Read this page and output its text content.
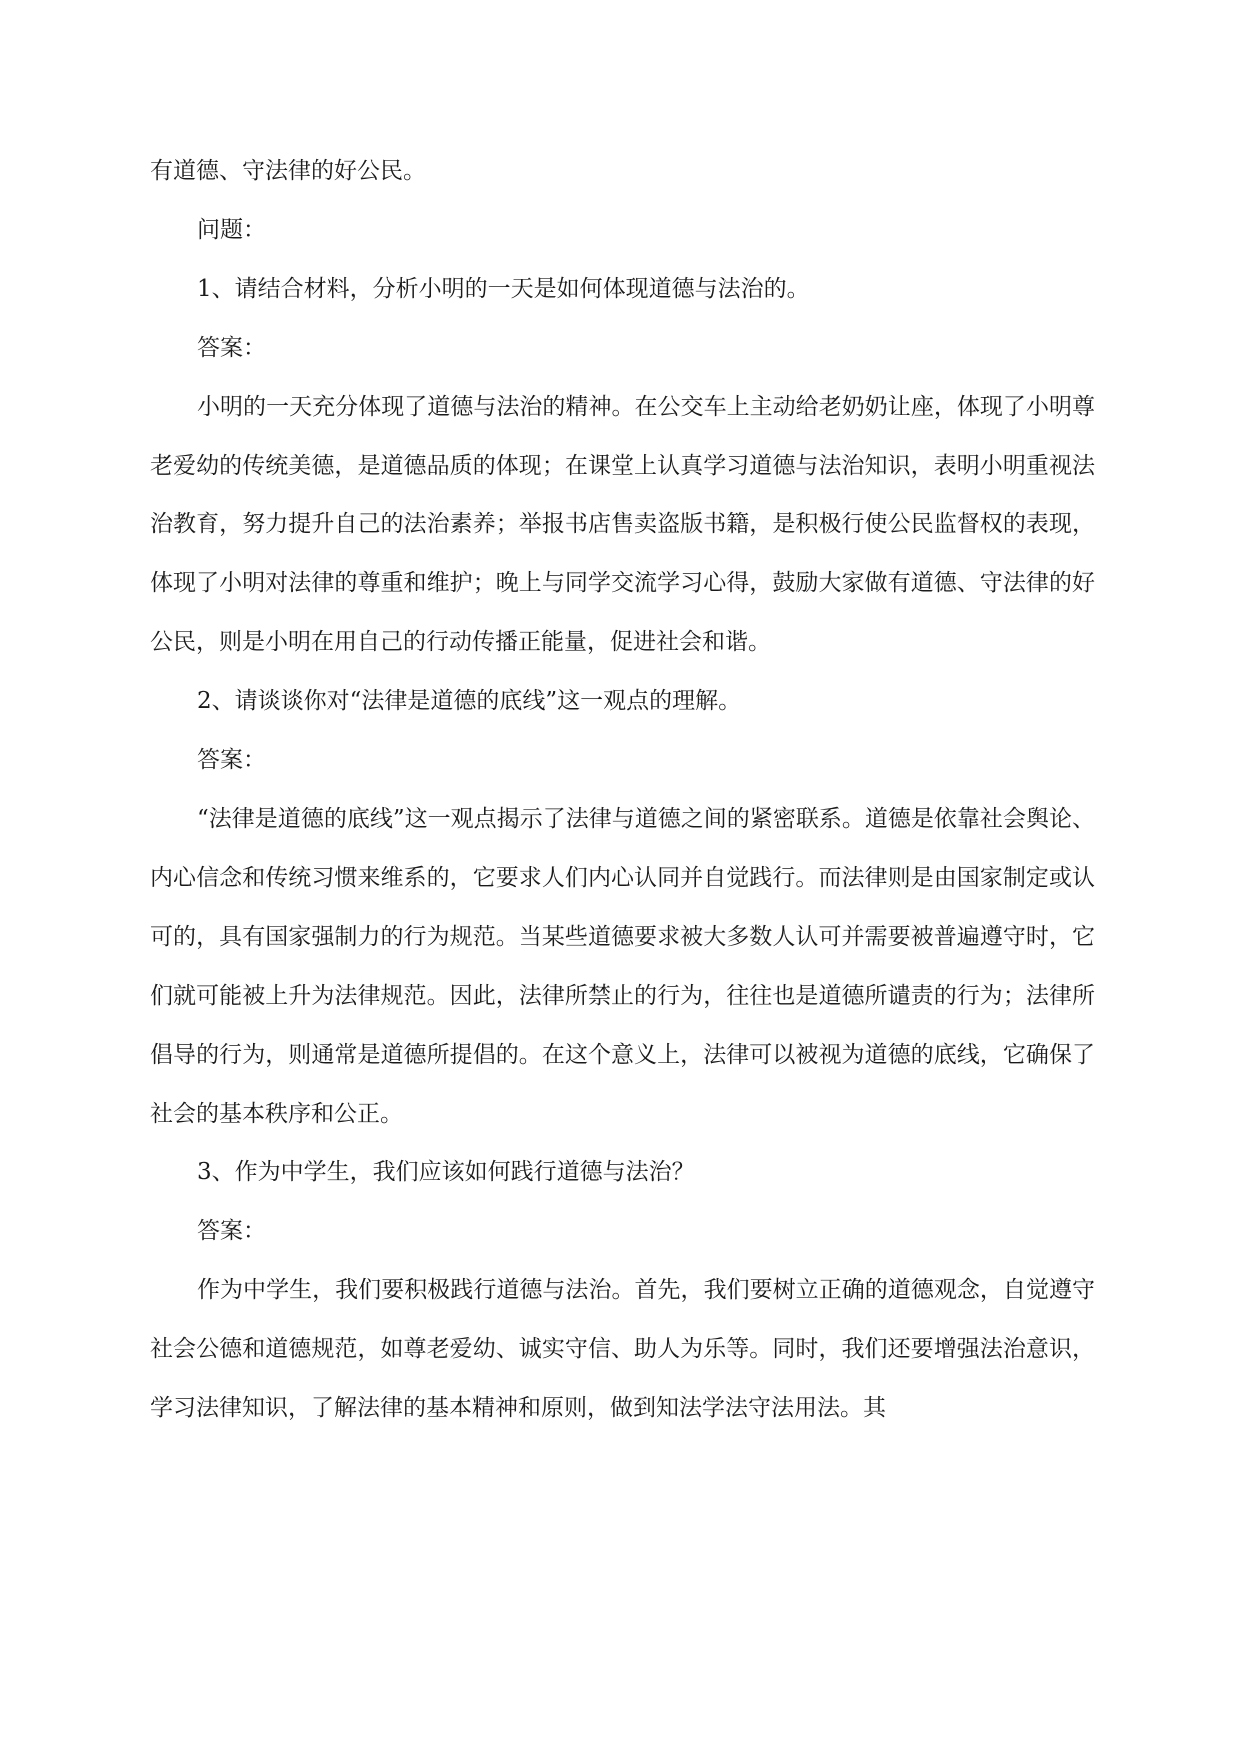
有道德、守法律的好公民。

问题：

1、请结合材料，分析小明的一天是如何体现道德与法治的。

答案：

小明的一天充分体现了道德与法治的精神。在公交车上主动给老奶奶让座，体现了小明尊老爱幼的传统美德，是道德品质的体现；在课堂上认真学习道德与法治知识，表明小明重视法治教育，努力提升自己的法治素养；举报书店售卖盗版书籍，是积极行使公民监督权的表现，体现了小明对法律的尊重和维护；晚上与同学交流学习心得，鼓励大家做有道德、守法律的好公民，则是小明在用自己的行动传播正能量，促进社会和谐。

2、请谈谈你对“法律是道德的底线”这一观点的理解。

答案：

“法律是道德的底线”这一观点揭示了法律与道德之间的紧密联系。道德是依靠社会舆论、内心信念和传统习惯来维系的，它要求人们内心认同并自觉践行。而法律则是由国家制定或认可的，具有国家强制力的行为规范。当某些道德要求被大多数人认可并需要被普遍遵守时，它们就可能被上升为法律规范。因此，法律所禁止的行为，往往也是道德所谴责的行为；法律所倡导的行为，则通常是道德所提倡的。在这个意义上，法律可以被视为道德的底线，它确保了社会的基本秩序和公正。

3、作为中学生，我们应该如何践行道德与法治？

答案：

作为中学生，我们要积极践行道德与法治。首先，我们要树立正确的道德观念，自觉遵守社会公德和道德规范，如尊老爱幼、诚实守信、助人为乐等。同时，我们还要增强法治意识，学习法律知识，了解法律的基本精神和原则，做到知法学法守法用法。其
